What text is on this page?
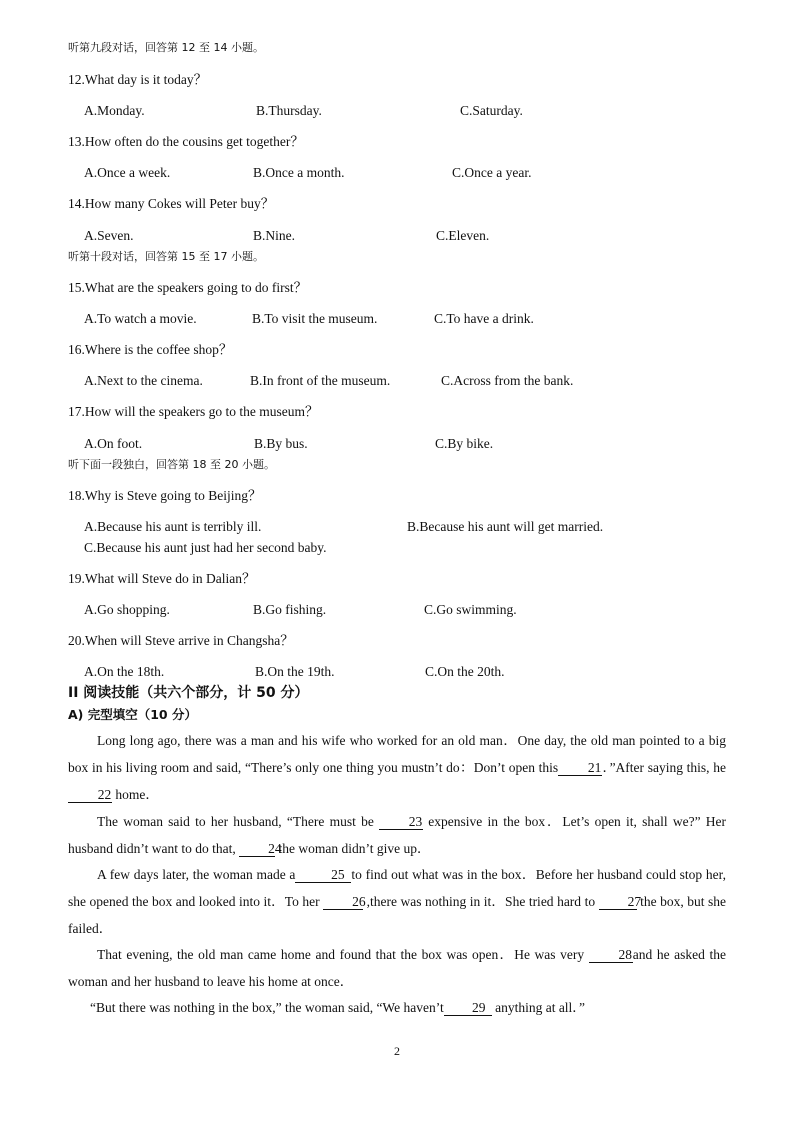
听第九段对话，回答第 12 至 14 小题。
12.What day is it today？
A.Monday.	B.Thursday.	C.Saturday.
13.How often do the cousins get together？
A.Once a week.	B.Once a month.	C.Once a year.
14.How many Cokes will Peter buy？
A.Seven.	B.Nine.	C.Eleven.
听第十段对话，回答第 15 至 17 小题。
15.What are the speakers going to do first？
A.To watch a movie.	B.To visit the museum.	C.To have a drink.
16.Where is the coffee shop？
A.Next to the cinema.	B.In front of the museum.	C.Across from the bank.
17.How will the speakers go to the museum？
A.On foot.	B.By bus.	C.By bike.
听下面一段独白，回答第 18 至 20 小题。
18.Why is Steve going to Beijing？
A.Because his aunt is terribly ill.	B.Because his aunt will get married.
C.Because his aunt just had her second baby.
19.What will Steve do in Dalian？
A.Go shopping.	B.Go fishing.	C.Go swimming.
20.When will Steve arrive in Changsha？
A.On the 18th.	B.On the 19th.	C.On the 20th.
II 阅读技能（共六个部分，计 50 分）
A) 完型填空（10 分）
Long long ago, there was a man and his wife who worked for an old man．One day, the old man pointed to a big box in his living room and said, “There’s only one thing you mustn’t do：Don’t open this 21．”After saying this, he 22 home．
The woman said to her husband, “There must be	23 expensive in the box．Let’s open it, shall we?” Her husband didn’t want to do that, 24 the woman didn’t give up．
A few days later, the woman made a	25 to find out what was in the box．Before her husband could stop her, she opened the box and looked into it．To her 26 ,there was nothing in it．She tried hard to 27 the box, but she failed．
That evening, the old man came home and found that the box was open．He was very	28and he asked the woman and her husband to leave his home at once．
“But there was nothing in the box,” the woman said, “We haven’t 29 anything at all．”
2
